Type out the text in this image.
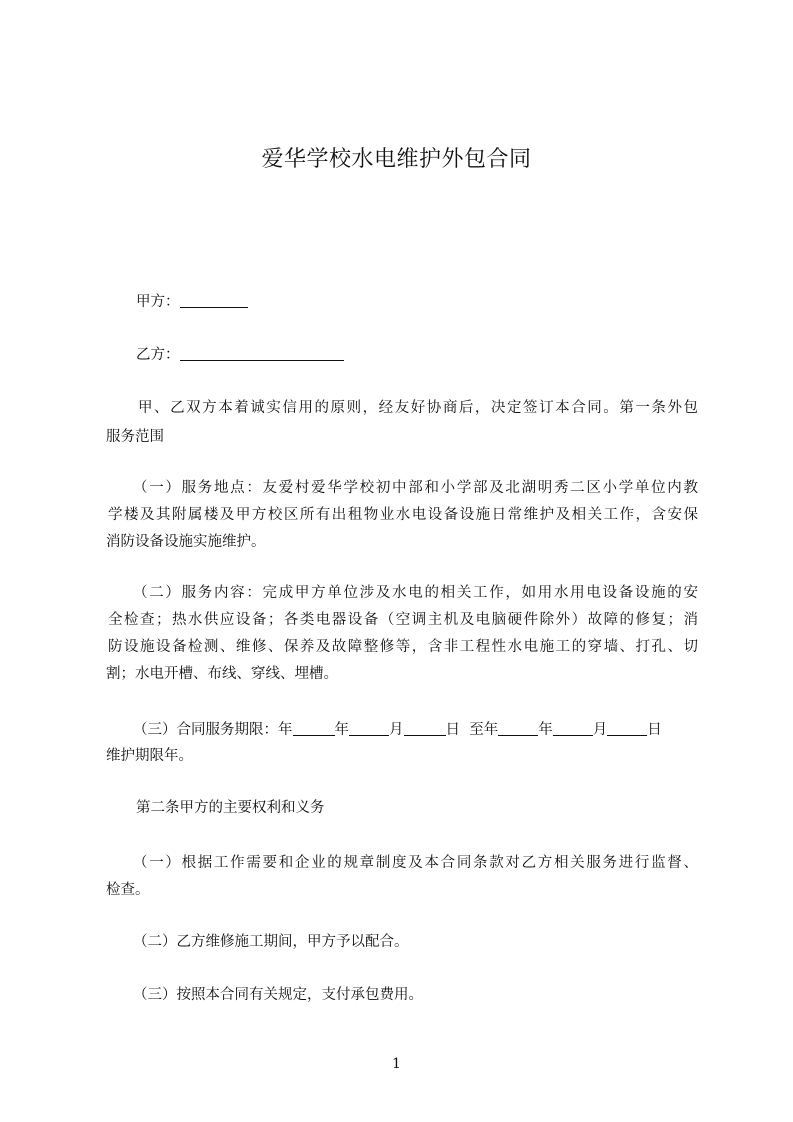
爱华学校水电维护外包合同
甲方：
乙方：
甲、乙双方本着诚实信用的原则，经友好协商后，决定签订本合同。第一条外包
服务范围
（一）服务地点：友爱村爱华学校初中部和小学部及北湖明秀二区小学单位内教
学楼及其附属楼及甲方校区所有出租物业水电设备设施日常维护及相关工作，含安保
消防设备设施实施维护。
（二）服务内容：完成甲方单位涉及水电的相关工作，如用水用电设备设施的安
全检查；热水供应设备；各类电器设备（空调主机及电脑硬件除外）故障的修复；消
防设施设备检测、维修、保养及故障整修等，含非工程性水电施工的穿墙、打孔、切
割；水电开槽、布线、穿线、埋槽。
（三）合同服务期限：年	年	月	日 至年	年	月	日
维护期限年。
第二条甲方的主要权利和义务
（一）根据工作需要和企业的规章制度及本合同条款对乙方相关服务进行监督、
检查。
（二）乙方维修施工期间，甲方予以配合。
（三）按照本合同有关规定，支付承包费用。
1
